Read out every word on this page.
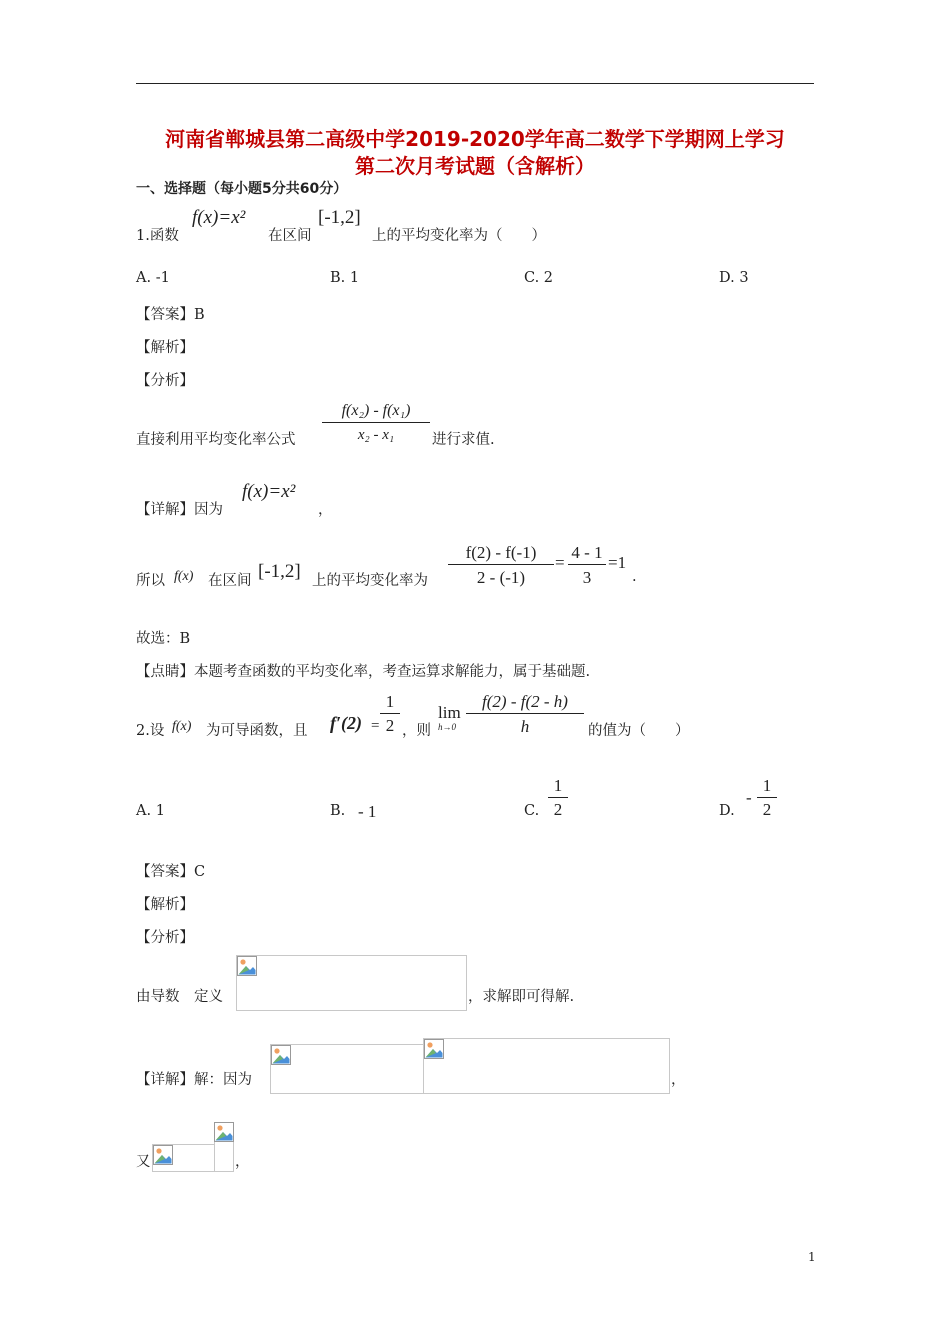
河南省郸城县第二高级中学2019-2020学年高二数学下学期网上学习
第二次月考试题（含解析）
一、选择题（每小题5分共60分）
1.函数
f(x)=x²
在区间
[-1,2]
上的平均变化率为（　　）
A. -1	B. 1	C. 2	D. 3
【答案】B
【解析】
【分析】
直接利用平均变化率公式 $\frac{\text{f(x₂) - f(x₁)}}{\text{x₂ - x₁}}$ 进行求值.
【详解】因为
f(x)=x²
，
所以 f(x) 在区间 [-1,2] 上的平均变化率为 $\frac{f(2) - f(-1)}{2 - (-1)} = \frac{4 - 1}{3} =1$
.
故选：B
【点睛】本题考查函数的平均变化率，考查运算求解能力，属于基础题.
2.设 f(x) 为可导函数，且 $f'(2) = \frac{1}{2}$ ，则
lim
$h\to 0 \frac{f(2) - f(2 - h)}{h}$ 的值为（　　）
A. 1	B. - 1	C. $\frac{1}{2}$	D.
- $\frac{1}{2}$
【答案】C
【解析】
【分析】
由导数　定义	，求解即可得解.
【详解】解：因为	，
又	，
1
